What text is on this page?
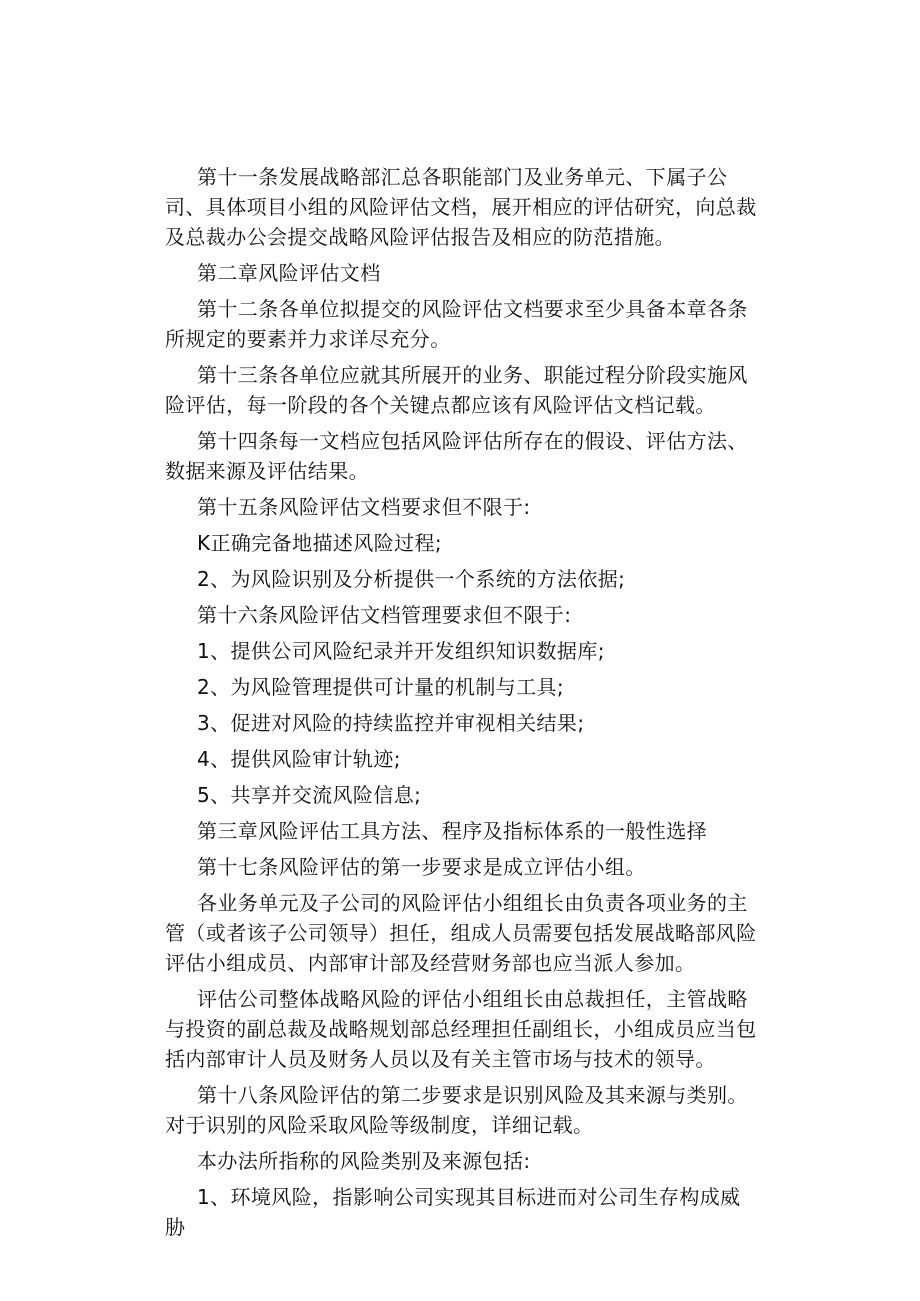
第十一条发展战略部汇总各职能部门及业务单元、下属子公司、具体项目小组的风险评估文档，展开相应的评估研究，向总裁及总裁办公会提交战略风险评估报告及相应的防范措施。

第二章风险评估文档

第十二条各单位拟提交的风险评估文档要求至少具备本章各条所规定的要素并力求详尽充分。

第十三条各单位应就其所展开的业务、职能过程分阶段实施风险评估，每一阶段的各个关键点都应该有风险评估文档记载。

第十四条每一文档应包括风险评估所存在的假设、评估方法、数据来源及评估结果。

第十五条风险评估文档要求但不限于:

K正确完备地描述风险过程;

2、为风险识别及分析提供一个系统的方法依据;

第十六条风险评估文档管理要求但不限于:

1、提供公司风险纪录并开发组织知识数据库;

2、为风险管理提供可计量的机制与工具;

3、促进对风险的持续监控并审视相关结果;

4、提供风险审计轨迹;

5、共享并交流风险信息;

第三章风险评估工具方法、程序及指标体系的一般性选择

第十七条风险评估的第一步要求是成立评估小组。

各业务单元及子公司的风险评估小组组长由负责各项业务的主管（或者该子公司领导）担任，组成人员需要包括发展战略部风险评估小组成员、内部审计部及经营财务部也应当派人参加。

评估公司整体战略风险的评估小组组长由总裁担任，主管战略与投资的副总裁及战略规划部总经理担任副组长，小组成员应当包括内部审计人员及财务人员以及有关主管市场与技术的领导。

第十八条风险评估的第二步要求是识别风险及其来源与类别。对于识别的风险采取风险等级制度，详细记载。

本办法所指称的风险类别及来源包括:

1、环境风险，指影响公司实现其目标进而对公司生存构成威胁
